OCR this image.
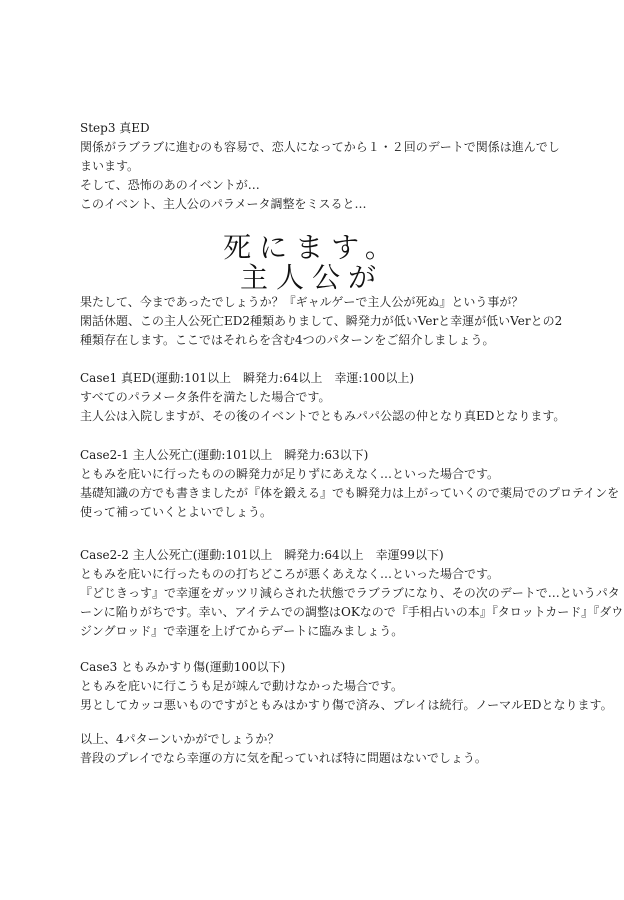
Step3 真ED
関係がラブラブに進むのも容易で、恋人になってから１・２回のデートで関係は進んでし
まいます。
そして、恐怖のあのイベントが…
このイベント、主人公のパラメータ調整をミスると…
死にます。
主人公が
果たして、今まであったでしょうか？『ギャルゲーで主人公が死ぬ』という事が？
閑話休題、この主人公死亡ED2種類ありまして、瞬発力が低いVerと幸運が低いVerとの2
種類存在します。ここではそれらを含む4つのパターンをご紹介しましょう。
Case1 真ED(運動:101以上　瞬発力:64以上　幸運:100以上)
すべてのパラメータ条件を満たした場合です。
主人公は入院しますが、その後のイベントでともみパパ公認の仲となり真EDとなります。
Case2-1 主人公死亡(運動:101以上　瞬発力:63以下)
ともみを庇いに行ったものの瞬発力が足りずにあえなく…といった場合です。
基礎知識の方でも書きましたが『体を鍛える』でも瞬発力は上がっていくので薬局でのプロテインを
使って補っていくとよいでしょう。
Case2-2 主人公死亡(運動:101以上　瞬発力:64以上　幸運99以下)
ともみを庇いに行ったものの打ちどころが悪くあえなく…といった場合です。
『どじきっす』で幸運をガッツリ減らされた状態でラブラブになり、その次のデートで…というパタ
ーンに陥りがちです。幸い、アイテムでの調整はOKなので『手相占いの本』『タロットカード』『ダウ
ジングロッド』で幸運を上げてからデートに臨みましょう。
Case3 ともみかすり傷(運動100以下)
ともみを庇いに行こうも足が竦んで動けなかった場合です。
男としてカッコ悪いものですがともみはかすり傷で済み、プレイは続行。ノーマルEDとなります。
以上、4パターンいかがでしょうか？
普段のプレイでなら幸運の方に気を配っていれば特に問題はないでしょう。
